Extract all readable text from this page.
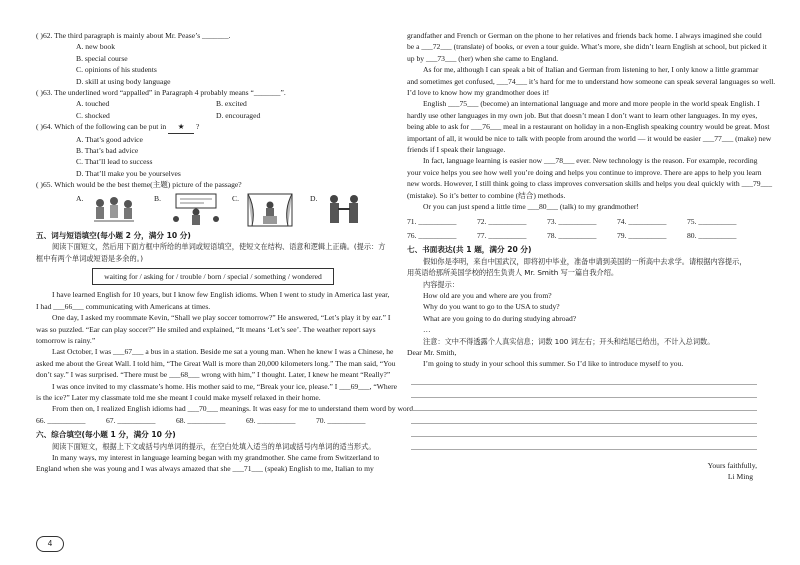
( )62. The third paragraph is mainly about Mr. Pease’s _______.
A. new book
B. special course
C. opinions of his students
D. skill at using body language
( )63. The underlined word “appalled” in Paragraph 4 probably means “_______”.
A. touched	B. excited
C. shocked	D. encouraged
( )64. Which of the following can be put in ★ ?
A. That’s good advice
B. That’s bad advice
C. That’ll lead to success
D. That’ll make you be yourselves
( )65. Which would be the best theme(主题) picture of the passage?
A.	B.	C.	D.
五、词与短语填空(每小题 2 分，满分 10 分)
阅读下面短文，然后用下面方框中所给的单词或短语填空，使短文在结构、语意和逻辑上正确。(提示：方
框中有两个单词或短语是多余的。)
waiting for / asking for / trouble / born / special / something / wondered
I have learned English for 10 years, but I know few English idioms. When I went to study in America last year,
I had ___66___ communicating with Americans at times.
One day, I asked my roommate Kevin, “Shall we play soccer tomorrow?” He answered, “Let’s play it by ear.” I
was so puzzled. “Ear can play soccer?” He smiled and explained, “It means ‘Let’s see’. The weather report says
tomorrow is rainy.”
Last October, I was ___67___ a bus in a station. Beside me sat a young man. When he knew I was a Chinese, he
asked me about the Great Wall. I told him, “The Great Wall is more than 20,000 kilometers long.” The man said, “You
don’t say.” I was surprised. “There must be ___68___ wrong with him,” I thought. Later, I knew he meant “Really?”
I was once invited to my classmate’s home. His mother said to me, “Break your ice, please.” I ___69___, “Where
is the ice?” Later my classmate told me she meant I could make myself relaxed in their home.
From then on, I realized English idioms had ___70___ meanings. It was easy for me to understand them word by word.
66. __________	67. __________	68. __________	69. __________	70. __________
六、综合填空(每小题 1 分，满分 10 分)
阅读下面短文，根据上下文或括号内单词的提示，在空白处填入适当的单词或括号内单词的适当形式。
In many ways, my interest in language learning began with my grandmother. She came from Switzerland to
England when she was young and I was always amazed that she ___71___ (speak) English to me, Italian to my
grandfather and French or German on the phone to her relatives and friends back home. I always imagined she could
be a ___72___ (translate) of books, or even a tour guide. What’s more, she didn’t learn English at school, but picked it
up by ___73___ (her) when she came to England.
As for me, although I can speak a bit of Italian and German from listening to her, I only know a little grammar
and sometimes get confused, ___74___ it’s hard for me to understand how someone can speak several languages so well.
I’d love to know how my grandmother does it!
English ___75___ (become) an international language and more and more people in the world speak English. I
hardly use other languages in my own job. But that doesn’t mean I don’t want to learn other languages. In my eyes,
being able to ask for ___76___ meal in a restaurant on holiday in a non-English speaking country would be great. Most
important of all, it would be nice to talk with people from around the world — it would be easier ___77___ (make) new
friends if I speak their language.
In fact, language learning is easier now ___78___ ever. New technology is the reason. For example, recording
your voice helps you see how well you’re doing and helps you continue to improve. There are apps to help you learn
new words. However, I still think going to class improves conversation skills and helps you deal quickly with ___79___
(mistake). So it’s better to combine (结合) methods.
Or you can just spend a little time ___80___ (talk) to my grandmother!
71. __________	72. __________	73. __________	74. __________	75. __________
76. __________	77. __________	78. __________	79. __________	80. __________
七、书面表达(共 1 题，满分 20 分)
假如你是李明，来自中国武汉，即将初中毕业，准备申请到美国的一所高中去求学。请根据内容提示，
用英语给那所美国学校的招生负责人 Mr. Smith 写一篇自我介绍。
内容提示：
How old are you and where are you from?
Why do you want to go to the USA to study?
What are you going to do during studying abroad?
…
注意：文中不得透露个人真实信息；词数 100 词左右；开头和结尾已给出，不计入总词数。
Dear Mr. Smith,
I’m going to study in your school this summer. So I’d like to introduce myself to you.
Yours faithfully,
Li Ming
4
